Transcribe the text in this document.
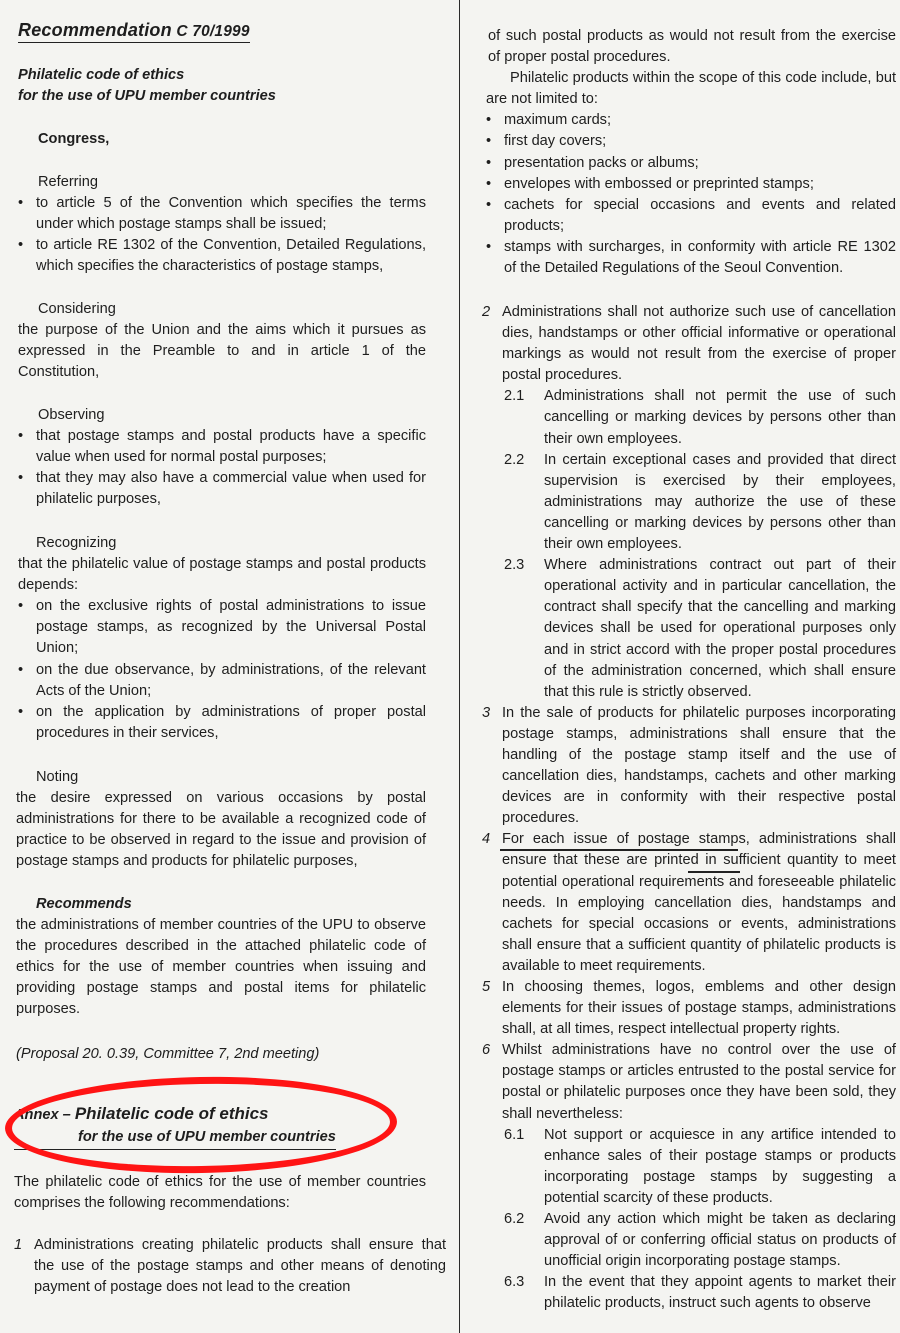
Recommendation C 70/1999
Philatelic code of ethics
for the use of UPU member countries

Congress,

Referring

• to article 5 of the Convention which specifies the terms under which postage stamps shall be issued;
• to article RE 1302 of the Convention, Detailed Regulations, which specifies the characteristics of postage stamps,

Considering

the purpose of the Union and the aims which it pursues as expressed in the Preamble to and in article 1 of the Constitution,

Observing

• that postage stamps and postal products have a specific value when used for normal postal purposes;
• that they may also have a commercial value when used for philatelic purposes,

Recognizing

that the philatelic value of postage stamps and postal products depends:

• on the exclusive rights of postal administrations to issue postage stamps, as recognized by the Universal Postal Union;
• on the due observance, by administrations, of the relevant Acts of the Union;
• on the application by administrations of proper postal procedures in their services,

Noting

the desire expressed on various occasions by postal administrations for there to be available a recognized code of practice to be observed in regard to the issue and provision of postage stamps and products for philatelic purposes,

Recommends

the administrations of member countries of the UPU to observe the procedures described in the attached philatelic code of ethics for the use of member countries when issuing and providing postage stamps and postal items for philatelic purposes.

(Proposal 20. 0.39, Committee 7, 2nd meeting)

The philatelic code of ethics for the use of member countries comprises the following recommendations:

1 Administrations creating philatelic products shall ensure that the use of the postage stamps and other means of denoting payment of postage does not lead to the creation
Annex – Philatelic code of ethics
for the use of UPU member countries

of such postal products as would not result from the exercise of proper postal procedures.

Philatelic products within the scope of this code include, but are not limited to:

• maximum cards;
• first day covers;
• presentation packs or albums;
• envelopes with embossed or preprinted stamps;
• cachets for special occasions and events and related products;
• stamps with surcharges, in conformity with article RE 1302 of the Detailed Regulations of the Seoul Convention.
2 Administrations shall not authorize such use of cancellation dies, handstamps or other official informative or operational markings as would not result from the exercise of proper postal procedures.
2.1 Administrations shall not permit the use of such cancelling or marking devices by persons other than their own employees.
2.2 In certain exceptional cases and provided that direct supervision is exercised by their employees, administrations may authorize the use of these cancelling or marking devices by persons other than their own employees.
2.3 Where administrations contract out part of their operational activity and in particular cancellation, the contract shall specify that the cancelling and marking devices shall be used for operational purposes only and in strict accord with the proper postal procedures of the administration concerned, which shall ensure that this rule is strictly observed.
3 In the sale of products for philatelic purposes incorporating postage stamps, administrations shall ensure that the handling of the postage stamp itself and the use of cancellation dies, handstamps, cachets and other marking devices are in conformity with their respective postal procedures.
4 For each issue of postage stamps, administrations shall ensure that these are printed in sufficient quantity to meet potential operational requirements and foreseeable philatelic needs. In employing cancellation dies, handstamps and cachets for special occasions or events, administrations shall ensure that a sufficient quantity of philatelic products is available to meet requirements.
5 In choosing themes, logos, emblems and other design elements for their issues of postage stamps, administrations shall, at all times, respect intellectual property rights.
6 Whilst administrations have no control over the use of postage stamps or articles entrusted to the postal service for postal or philatelic purposes once they have been sold, they shall nevertheless:
6.1 Not support or acquiesce in any artifice intended to enhance sales of their postage stamps or products incorporating postage stamps by suggesting a potential scarcity of these products.
6.2 Avoid any action which might be taken as declaring approval of or conferring official status on products of unofficial origin incorporating postage stamps.
6.3 In the event that they appoint agents to market their philatelic products, instruct such agents to observe
